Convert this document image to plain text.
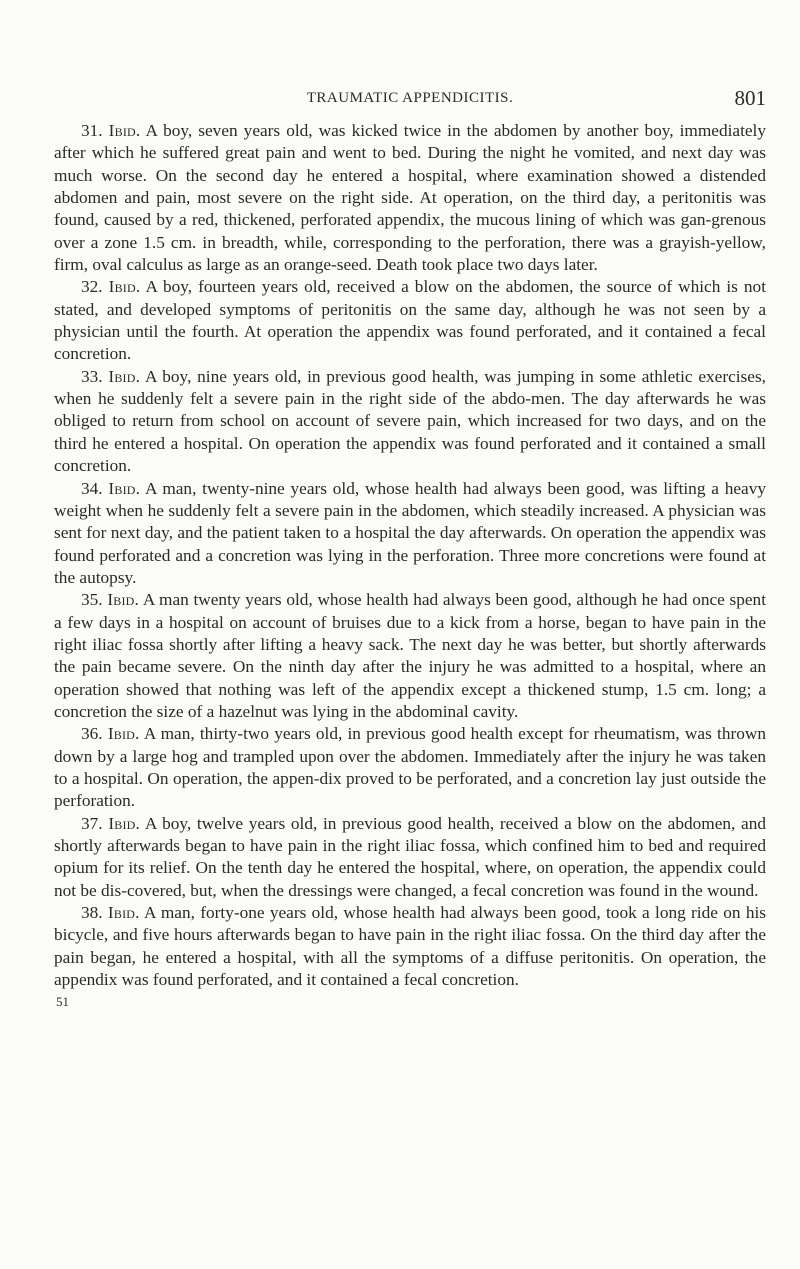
TRAUMATIC APPENDICITIS.	801

31. Ibid. A boy, seven years old, was kicked twice in the abdomen by another boy, immediately after which he suffered great pain and went to bed. During the night he vomited, and next day was much worse. On the second day he entered a hospital, where examination showed a distended abdomen and pain, most severe on the right side. At operation, on the third day, a peritonitis was found, caused by a red, thickened, perforated appendix, the mucous lining of which was gan-grenous over a zone 1.5 cm. in breadth, while, corresponding to the perforation, there was a grayish-yellow, firm, oval calculus as large as an orange-seed. Death took place two days later.

32. Ibid. A boy, fourteen years old, received a blow on the abdomen, the source of which is not stated, and developed symptoms of peritonitis on the same day, although he was not seen by a physician until the fourth. At operation the appendix was found perforated, and it contained a fecal concretion.

33. Ibid. A boy, nine years old, in previous good health, was jumping in some athletic exercises, when he suddenly felt a severe pain in the right side of the abdo-men. The day afterwards he was obliged to return from school on account of severe pain, which increased for two days, and on the third he entered a hospital. On operation the appendix was found perforated and it contained a small concretion.

34. Ibid. A man, twenty-nine years old, whose health had always been good, was lifting a heavy weight when he suddenly felt a severe pain in the abdomen, which steadily increased. A physician was sent for next day, and the patient taken to a hospital the day afterwards. On operation the appendix was found perforated and a concretion was lying in the perforation. Three more concretions were found at the autopsy.

35. Ibid. A man twenty years old, whose health had always been good, although he had once spent a few days in a hospital on account of bruises due to a kick from a horse, began to have pain in the right iliac fossa shortly after lifting a heavy sack. The next day he was better, but shortly afterwards the pain became severe. On the ninth day after the injury he was admitted to a hospital, where an operation showed that nothing was left of the appendix except a thickened stump, 1.5 cm. long; a concretion the size of a hazelnut was lying in the abdominal cavity.

36. Ibid. A man, thirty-two years old, in previous good health except for rheumatism, was thrown down by a large hog and trampled upon over the abdomen. Immediately after the injury he was taken to a hospital. On operation, the appen-dix proved to be perforated, and a concretion lay just outside the perforation.

37. Ibid. A boy, twelve years old, in previous good health, received a blow on the abdomen, and shortly afterwards began to have pain in the right iliac fossa, which confined him to bed and required opium for its relief. On the tenth day he entered the hospital, where, on operation, the appendix could not be dis-covered, but, when the dressings were changed, a fecal concretion was found in the wound.

38. Ibid. A man, forty-one years old, whose health had always been good, took a long ride on his bicycle, and five hours afterwards began to have pain in the right iliac fossa. On the third day after the pain began, he entered a hospital, with all the symptoms of a diffuse peritonitis. On operation, the appendix was found perforated, and it contained a fecal concretion.

51
